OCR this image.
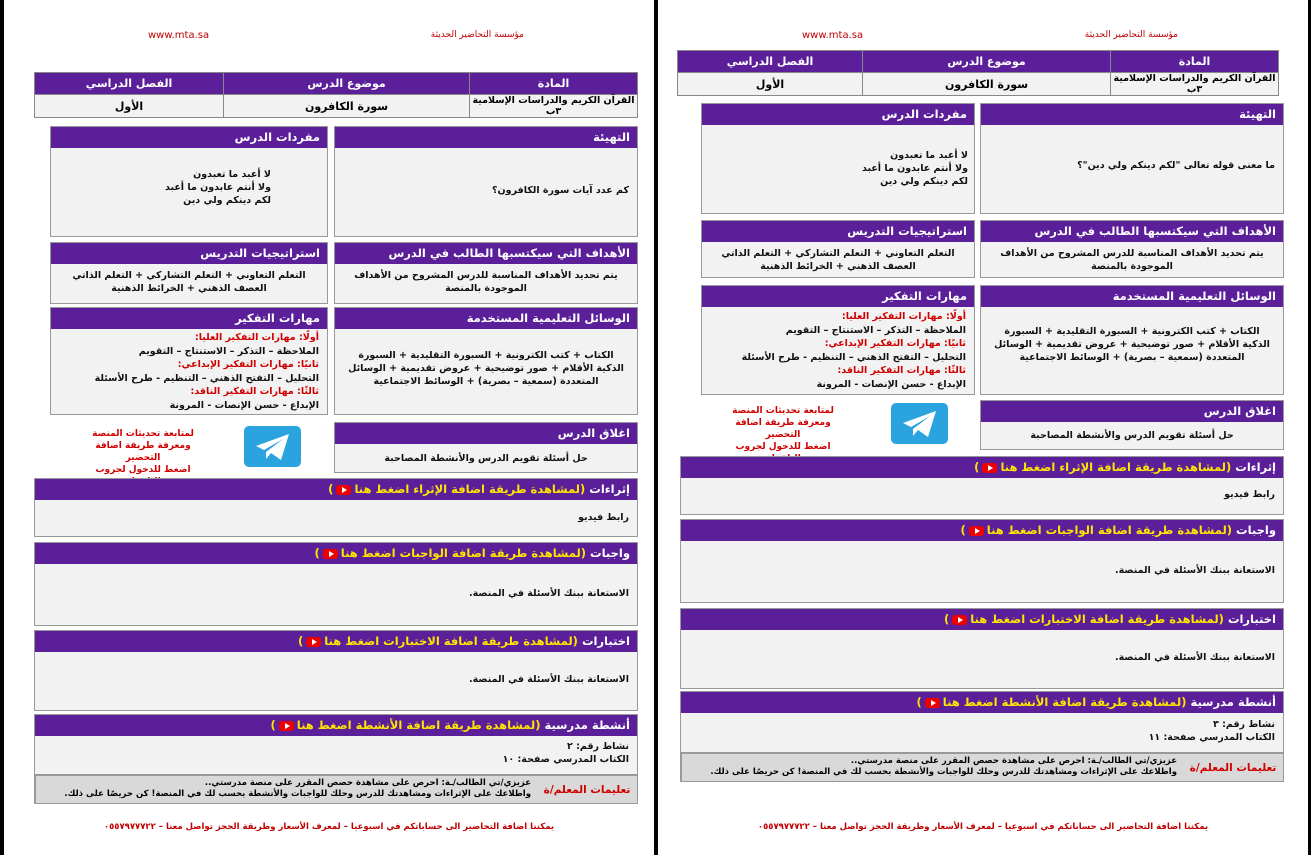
www.mta.sa	مؤسسة التحاضير الحديثة
المادة	موضوع الدرس	الفصل الدراسي
القرآن الكريم والدراسات الإسلامية ٣ب	سورة الكافرون	الأول
التهيئة
كم عدد آيات سورة الكافرون؟
مفردات الدرس
لا أعبد ما تعبدون
ولا أنتم عابدون ما أعبد
لكم دينكم ولي دين
الأهداف التي سيكتسبها الطالب في الدرس
يتم تحديد الأهداف المناسبة للدرس المشروح من الأهداف الموجودة بالمنصة
استراتيجيات التدريس
التعلم التعاوني + التعلم التشاركي + التعلم الذاتي العصف الذهني + الخرائط الذهنية
الوسائل التعليمية المستخدمة
الكتاب + كتب الكترونية + السبورة التقليدية + السبورة الذكية الأقلام + صور توضيحية + عروض تقديمية + الوسائل المتعددة (سمعية – بصرية) + الوسائط الاجتماعية
مهارات التفكير
أولًا: مهارات التفكير العليا:
الملاحظة – التذكر – الاستنتاج – التقويم
ثانيًا: مهارات التفكير الإبداعي:
التحليل – التفتح الذهني – التنظيم - طرح الأسئلة
ثالثًا: مهارات التفكير الناقد:
الإبداع - حسن الإنصات - المرونة
اغلاق الدرس
حل أسئلة تقويم الدرس والأنشطة المصاحبة
لمتابعة تحديثات المنصة
ومعرفة طريقة اضافة التحضير
اضغط للدخول لجروب
إثراءات (لمشاهدة طريقة اضافة الإثراء اضغط هنا)
رابط فيديو
واجبات (لمشاهدة طريقة اضافة الواجبات اضغط هنا)
الاستعانة ببنك الأسئلة في المنصة.
اختبارات (لمشاهدة طريقة اضافة الاختبارات اضغط هنا)
الاستعانة ببنك الأسئلة في المنصة.
أنشطة مدرسية (لمشاهدة طريقة اضافة الأنشطة اضغط هنا)
نشاط رقم: ٢
الكتاب المدرسي صفحة: ١٠
تعليمات المعلم/ة
عزيزي/تي الطالب/ـة: احرص على مشاهدة حصص المقرر على منصة مدرستي..
واطلاعك على الإثراءات ومشاهدتك للدرس وحلك للواجبات والأنشطة بحسب لك في المنصة! كن حريصًا على ذلك.
يمكننا اضافة التحاضير الى حساباتكم في اسبوعيا – لمعرف الأسعار وطريقة الحجز تواصل معنا – ٠٥٥٧٩٧٧٧٢٢
www.mta.sa	مؤسسة التحاضير الحديثة
المادة	موضوع الدرس	الفصل الدراسي
القرآن الكريم والدراسات الإسلامية ٣ب	سورة الكافرون	الأول
التهيئة
ما معنى قوله تعالى "لكم دينكم ولي دين"؟
مفردات الدرس
لا أعبد ما تعبدون
ولا أنتم عابدون ما أعبد
لكم دينكم ولي دين
الأهداف التي سيكتسبها الطالب في الدرس
يتم تحديد الأهداف المناسبة للدرس المشروح من الأهداف الموجودة بالمنصة
استراتيجيات التدريس
التعلم التعاوني + التعلم التشاركي + التعلم الذاتي العصف الذهني + الخرائط الذهنية
الوسائل التعليمية المستخدمة
الكتاب + كتب الكترونية + السبورة التقليدية + السبورة الذكية الأقلام + صور توضيحية + عروض تقديمية + الوسائل المتعددة (سمعية – بصرية) + الوسائط الاجتماعية
مهارات التفكير
أولًا: مهارات التفكير العليا:
الملاحظة – التذكر – الاستنتاج – التقويم
ثانيًا: مهارات التفكير الإبداعي:
التحليل – التفتح الذهني – التنظيم - طرح الأسئلة
ثالثًا: مهارات التفكير الناقد:
الإبداع - حسن الإنصات - المرونة
اغلاق الدرس
حل أسئلة تقويم الدرس والأنشطة المصاحبة
لمتابعة تحديثات المنصة
ومعرفة طريقة اضافة التحضير
اضغط للدخول لجروب
إثراءات (لمشاهدة طريقة اضافة الإثراء اضغط هنا)
رابط فيديو
واجبات (لمشاهدة طريقة اضافة الواجبات اضغط هنا)
الاستعانة ببنك الأسئلة في المنصة.
اختبارات (لمشاهدة طريقة اضافة الاختبارات اضغط هنا)
الاستعانة ببنك الأسئلة في المنصة.
أنشطة مدرسية (لمشاهدة طريقة اضافة الأنشطة اضغط هنا)
نشاط رقم: ٣
الكتاب المدرسي صفحة: ١١
تعليمات المعلم/ة
عزيزي/تي الطالب/ـة: احرص على مشاهدة حصص المقرر على منصة مدرستي..
واطلاعك على الإثراءات ومشاهدتك للدرس وحلك للواجبات والأنشطة بحسب لك في المنصة! كن حريصًا على ذلك.
يمكننا اضافة التحاضير الى حساباتكم في اسبوعيا – لمعرف الأسعار وطريقة الحجز تواصل معنا – ٠٥٥٧٩٧٧٧٢٢
